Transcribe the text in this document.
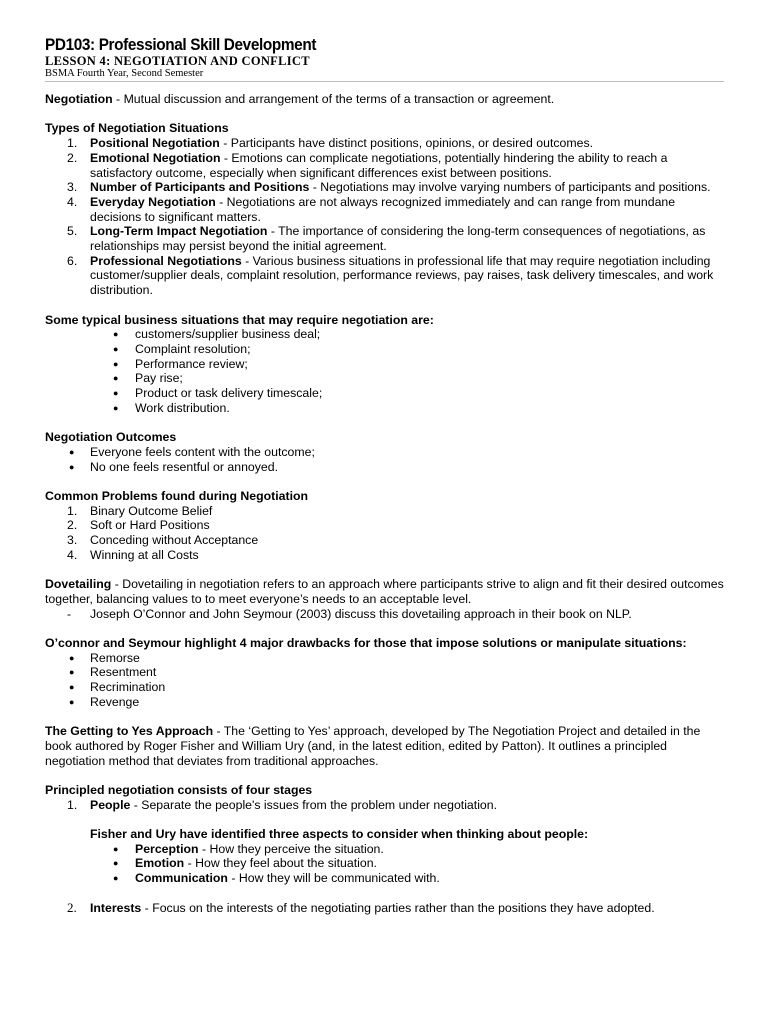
PD103: Professional Skill Development
LESSON 4: NEGOTIATION AND CONFLICT
BSMA Fourth Year, Second Semester

Negotiation - Mutual discussion and arrangement of the terms of a transaction or agreement.

Types of Negotiation Situations

1.	Positional Negotiation - Participants have distinct positions, opinions, or desired outcomes.
2.	Emotional Negotiation - Emotions can complicate negotiations, potentially hindering the ability to reach a satisfactory outcome, especially when significant differences exist between positions.
3.	Number of Participants and Positions - Negotiations may involve varying numbers of participants and positions.
4.	Everyday Negotiation - Negotiations are not always recognized immediately and can range from mundane decisions to significant matters.
5.	Long-Term Impact Negotiation - The importance of considering the long-term consequences of negotiations, as relationships may persist beyond the initial agreement.
6.	Professional Negotiations - Various business situations in professional life that may require negotiation including customer/supplier deals, complaint resolution, performance reviews, pay raises, task delivery timescales, and work distribution.

Some typical business situations that may require negotiation are:

● customers/supplier business deal;
● Complaint resolution;
● Performance review;
● Pay rise;
● Product or task delivery timescale;
● Work distribution.

Negotiation Outcomes

● Everyone feels content with the outcome;
● No one feels resentful or annoyed.

Common Problems found during Negotiation

1.	Binary Outcome Belief
2.	Soft or Hard Positions
3.	Conceding without Acceptance
4.	Winning at all Costs

Dovetailing - Dovetailing in negotiation refers to an approach where participants strive to align and fit their desired outcomes together, balancing values to to meet everyone’s needs to an acceptable level.

- Joseph O’Connor and John Seymour (2003) discuss this dovetailing approach in their book on NLP.

O’connor and Seymour highlight 4 major drawbacks for those that impose solutions or manipulate situations:

● Remorse
● Resentment
● Recrimination
● Revenge

The Getting to Yes Approach - The ‘Getting to Yes’ approach, developed by The Negotiation Project and detailed in the book authored by Roger Fisher and William Ury (and, in the latest edition, edited by Patton). It outlines a principled negotiation method that deviates from traditional approaches.

Principled negotiation consists of four stages

1.	People - Separate the people's issues from the problem under negotiation.

Fisher and Ury have identified three aspects to consider when thinking about people:

● Perception - How they perceive the situation.
● Emotion - How they feel about the situation.
● Communication - How they will be communicated with.
2.	Interests - Focus on the interests of the negotiating parties rather than the positions they have adopted.
